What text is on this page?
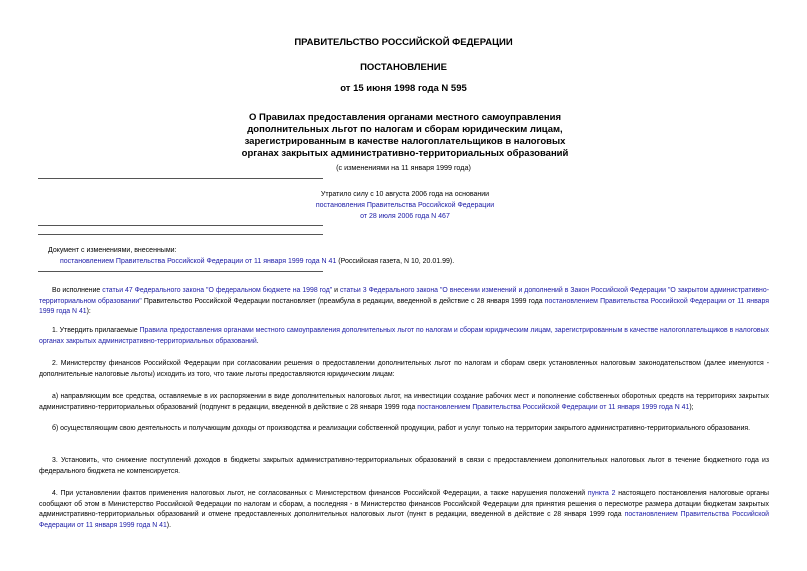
ПРАВИТЕЛЬСТВО РОССИЙСКОЙ ФЕДЕРАЦИИ
ПОСТАНОВЛЕНИЕ
от 15 июня 1998 года N 595
О Правилах предоставления органами местного самоуправления
дополнительных льгот по налогам и сборам юридическим лицам,
зарегистрированным в качестве налогоплательщиков в налоговых
органах закрытых административно-территориальных образований
(с изменениями на 11 января 1999 года)
Утратило силу с 10 августа 2006 года на основании
постановления Правительства Российской Федерации
от 28 июля 2006 года N 467
Документ с изменениями, внесенными:
постановлением Правительства Российской Федерации от 11 января 1999 года N 41 (Российская газета, N 10, 20.01.99).
Во исполнение статьи 47 Федерального закона "О федеральном бюджете на 1998 год" и статьи 3 Федерального закона "О внесении изменений и дополнений в Закон Российской Федерации "О закрытом административно-территориальном образовании" Правительство Российской Федерации постановляет (преамбула в редакции, введенной в действие с 28 января 1999 года постановлением Правительства Российской Федерации от 11 января 1999 года N 41):
1. Утвердить прилагаемые Правила предоставления органами местного самоуправления дополнительных льгот по налогам и сборам юридическим лицам, зарегистрированным в качестве налогоплательщиков в налоговых органах закрытых административно-территориальных образований.
2. Министерству финансов Российской Федерации при согласовании решения о предоставлении дополнительных льгот по налогам и сборам сверх установленных налоговым законодательством (далее именуются - дополнительные налоговые льготы) исходить из того, что такие льготы предоставляются юридическим лицам:
а) направляющим все средства, оставляемые в их распоряжении в виде дополнительных налоговых льгот, на инвестиции создание рабочих мест и пополнение собственных оборотных средств на территориях закрытых административно-территориальных образований (подпункт в редакции, введенной в действие с 28 января 1999 года постановлением Правительства Российской Федерации от 11 января 1999 года N 41);
б) осуществляющим свою деятельность и получающим доходы от производства и реализации собственной продукции, работ и услуг только на территории закрытого административно-территориального образования.
3. Установить, что снижение поступлений доходов в бюджеты закрытых административно-территориальных образований в связи с предоставлением дополнительных налоговых льгот в течение бюджетного года из федерального бюджета не компенсируется.
4. При установлении фактов применения налоговых льгот, не согласованных с Министерством финансов Российской Федерации, а также нарушения положений пункта 2 настоящего постановления налоговые органы сообщают об этом в Министерство Российской Федерации по налогам и сборам, а последняя - в Министерство финансов Российской Федерации для принятия решения о пересмотре размера дотации бюджетам закрытых административно-территориальных образований и отмене предоставленных дополнительных налоговых льгот (пункт в редакции, введенной в действие с 28 января 1999 года постановлением Правительства Российской Федерации от 11 января 1999 года N 41).
